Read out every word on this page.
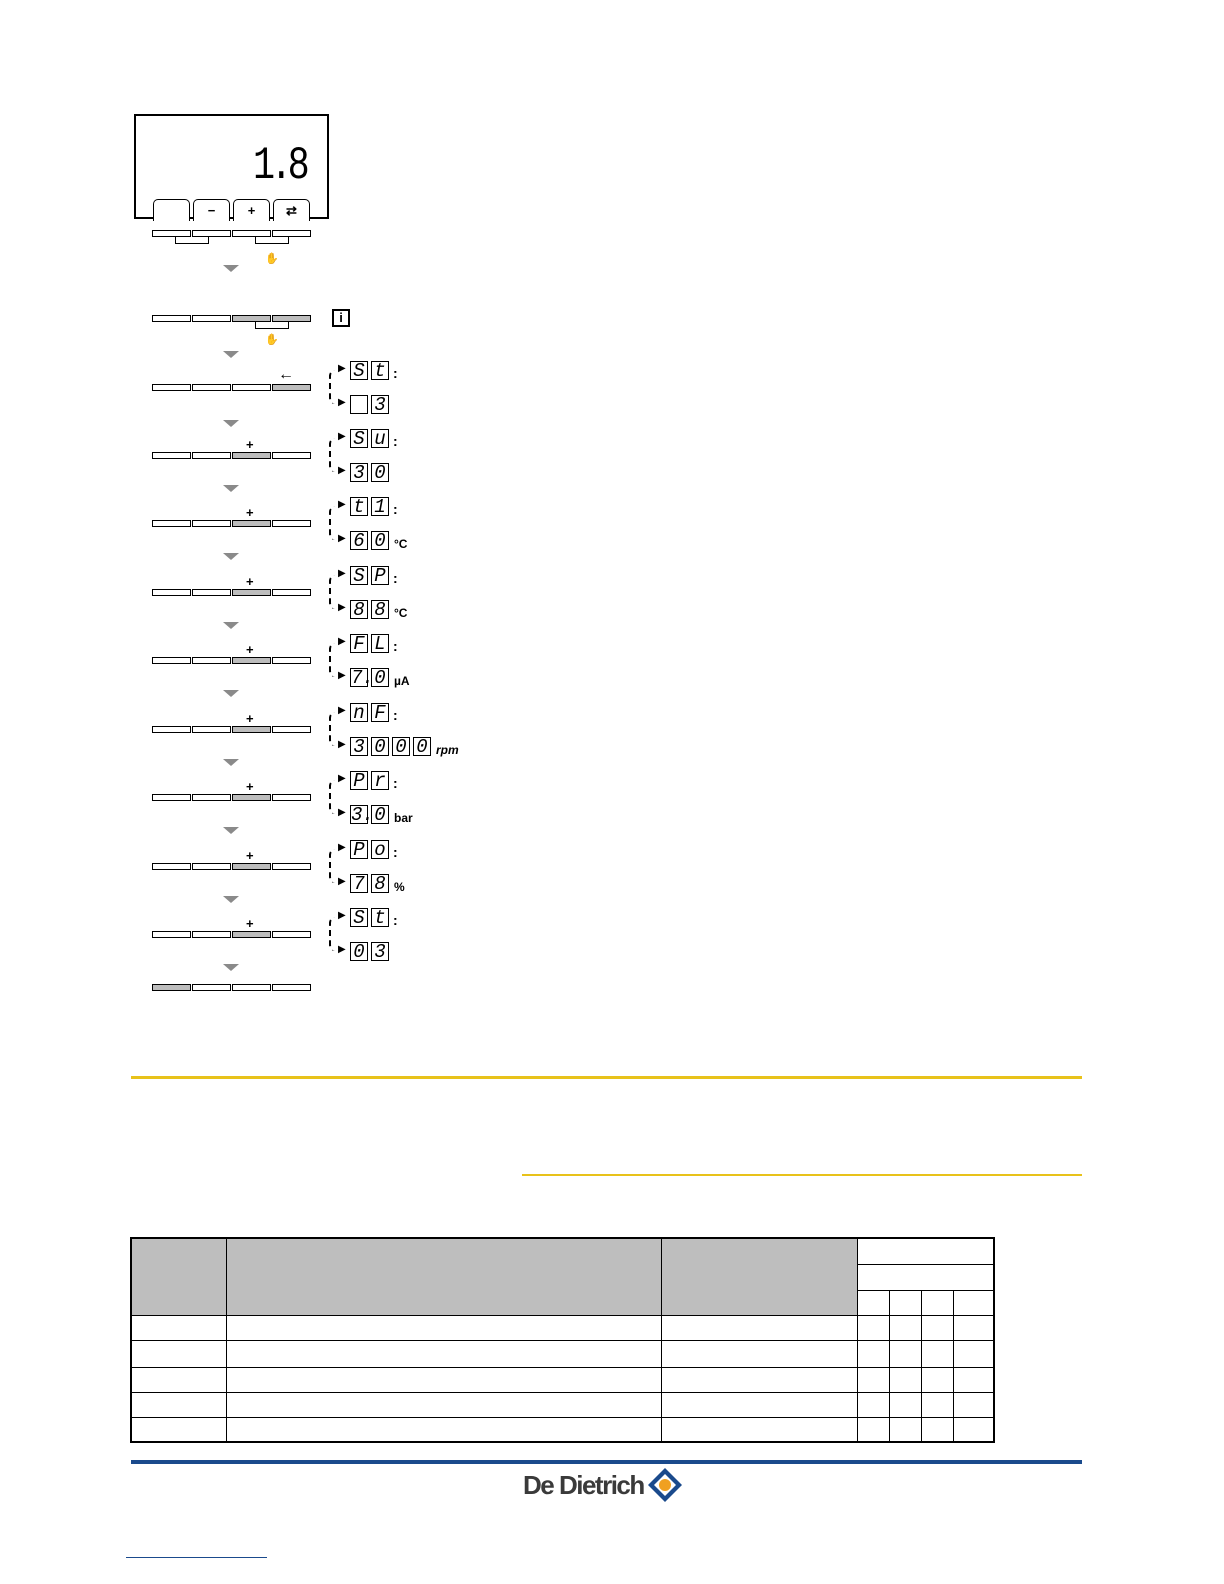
1.8
−	+	⇄
✋
✋
i
←	S t :
3
▶
▶
S u :
3 0
▶
▶
+
t 1 :
6 0 °C
▶
▶
+
S P :
8 8 °C
▶
▶
+
F L :
7. 0 µA
▶
▶
+
n F :
3 0 0 0 rpm
▶
▶
+
P r :
3. 0 bar
▶
▶
+
P o :
7 8 %
▶
▶
+
S t :
0 3
▶
▶
+

De Dietrich
